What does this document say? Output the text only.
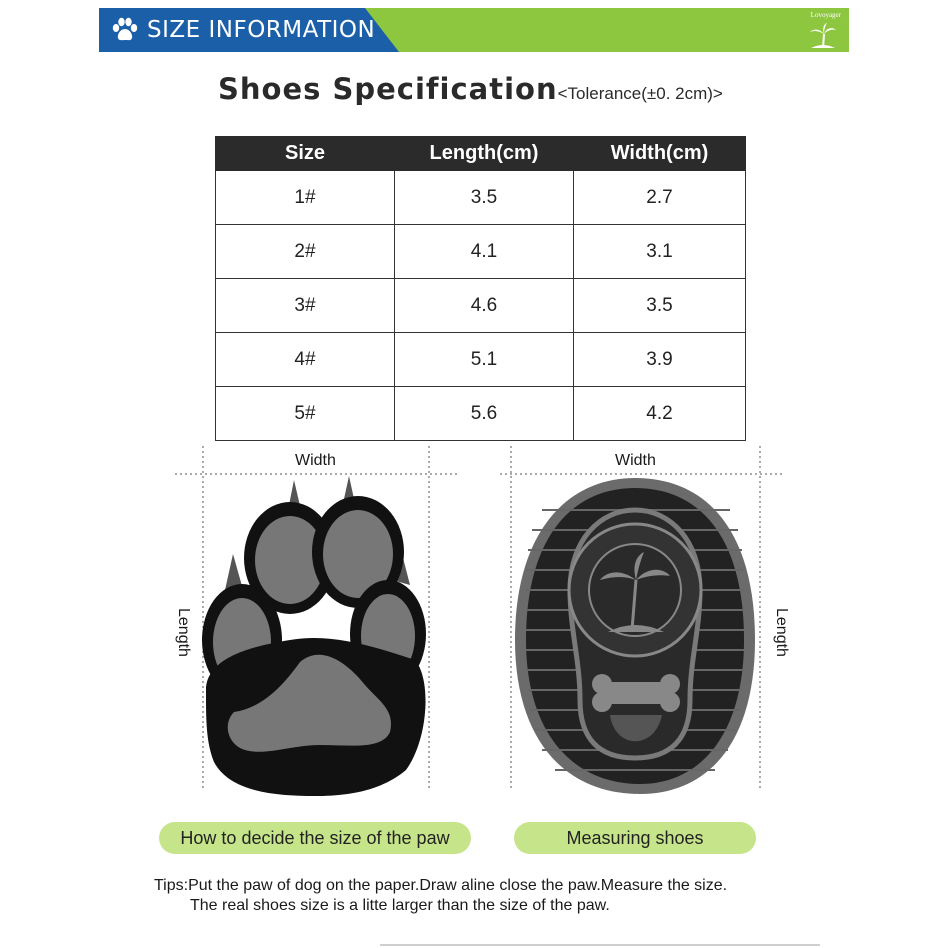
SIZE INFORMATION
Lovoyager
Shoes Specification<Tolerance(±0. 2cm)>
Size	Length(cm)	Width(cm)
1#	3.5	2.7
2#	4.1	3.1
3#	4.6	3.5
4#	5.1	3.9
5#	5.6	4.2
Width
Length
Width
Length
How to decide the size of the paw	Measuring shoes
Tips:Put the paw of dog on the paper.Draw aline close the paw.Measure the size.
The real shoes size is a litte larger than the size of the paw.
